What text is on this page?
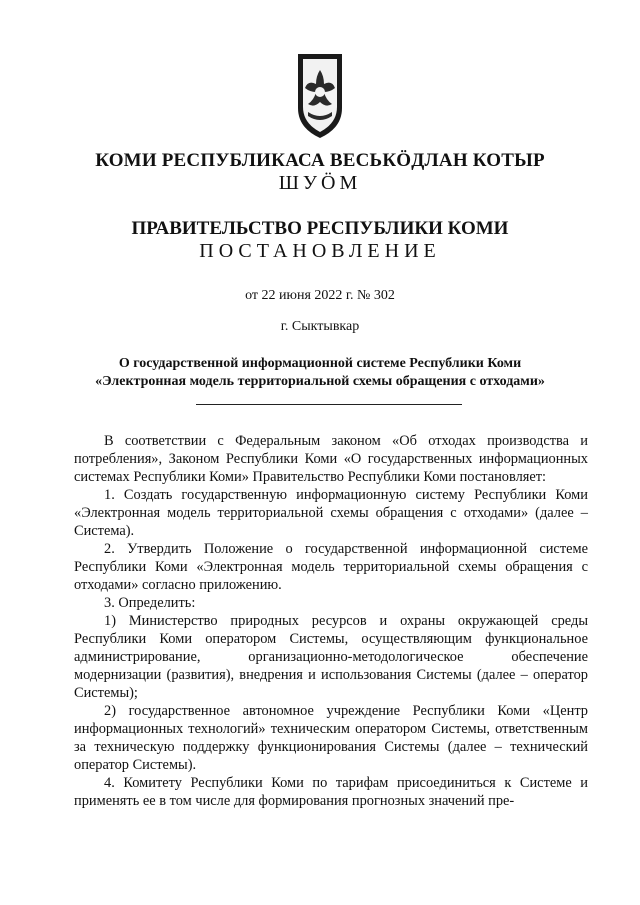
КОМИ РЕСПУБЛИКАСА ВЕСЬКÖДЛАН КОТЫР
ШУÖМ
ПРАВИТЕЛЬСТВО РЕСПУБЛИКИ КОМИ
ПОСТАНОВЛЕНИЕ
от 22 июня 2022 г. № 302
г. Сыктывкар
О государственной информационной системе Республики Коми
«Электронная модель территориальной схемы обращения с отходами»

В соответствии с Федеральным законом «Об отходах производства и потребления», Законом Республики Коми «О государственных информационных системах Республики Коми» Правительство Республики Коми постановляет:

1. Создать государственную информационную систему Республики Коми «Электронная модель территориальной схемы обращения с отходами» (далее – Система).

2. Утвердить Положение о государственной информационной системе Республики Коми «Электронная модель территориальной схемы обращения с отходами» согласно приложению.

3. Определить:

1) Министерство природных ресурсов и охраны окружающей среды Республики Коми оператором Системы, осуществляющим функциональное администрирование, организационно-методологическое обеспечение модернизации (развития), внедрения и использования Системы (далее – оператор Системы);

2) государственное автономное учреждение Республики Коми «Центр информационных технологий» техническим оператором Системы, ответственным за техническую поддержку функционирования Системы (далее – технический оператор Системы).

4. Комитету Республики Коми по тарифам присоединиться к Системе и применять ее в том числе для формирования прогнозных значений пре-
